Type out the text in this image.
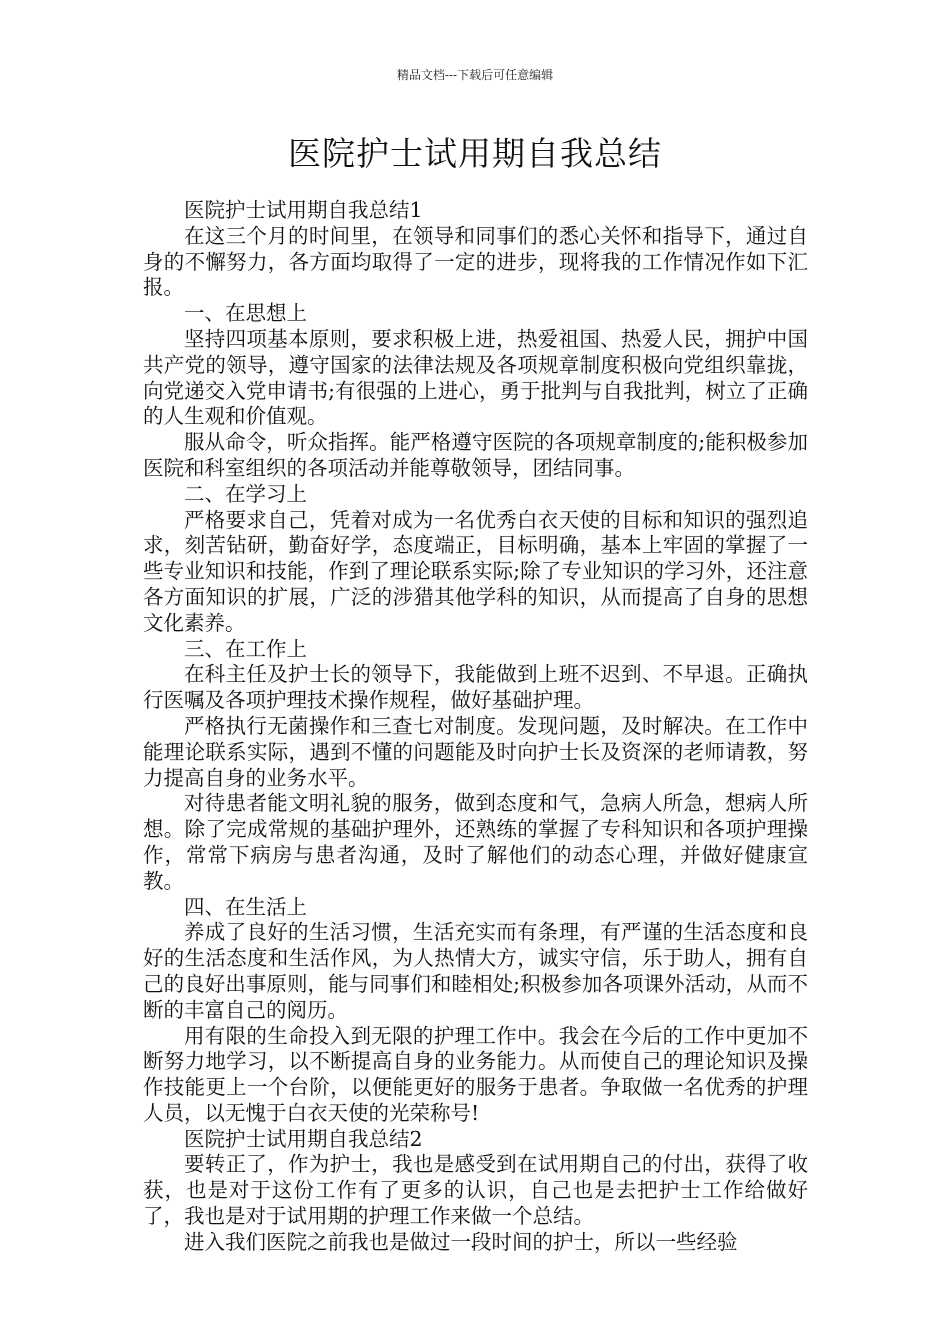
精品文档---下载后可任意编辑
医院护士试用期自我总结

医院护士试用期自我总结1

在这三个月的时间里，在领导和同事们的悉心关怀和指导下，通过自身的不懈努力，各方面均取得了一定的进步，现将我的工作情况作如下汇报。

一、在思想上

坚持四项基本原则，要求积极上进，热爱祖国、热爱人民，拥护中国共产党的领导，遵守国家的法律法规及各项规章制度积极向党组织靠拢，向党递交入党申请书;有很强的上进心，勇于批判与自我批判，树立了正确的人生观和价值观。

服从命令，听众指挥。能严格遵守医院的各项规章制度的;能积极参加医院和科室组织的各项活动并能尊敬领导，团结同事。

二、在学习上

严格要求自己，凭着对成为一名优秀白衣天使的目标和知识的强烈追求，刻苦钻研，勤奋好学，态度端正，目标明确，基本上牢固的掌握了一些专业知识和技能，作到了理论联系实际;除了专业知识的学习外，还注意各方面知识的扩展，广泛的涉猎其他学科的知识，从而提高了自身的思想文化素养。

三、在工作上

在科主任及护士长的领导下，我能做到上班不迟到、不早退。正确执行医嘱及各项护理技术操作规程，做好基础护理。

严格执行无菌操作和三查七对制度。发现问题，及时解决。在工作中能理论联系实际，遇到不懂的问题能及时向护士长及资深的老师请教，努力提高自身的业务水平。

对待患者能文明礼貌的服务，做到态度和气，急病人所急，想病人所想。除了完成常规的基础护理外，还熟练的掌握了专科知识和各项护理操作，常常下病房与患者沟通，及时了解他们的动态心理，并做好健康宣教。

四、在生活上

养成了良好的生活习惯，生活充实而有条理，有严谨的生活态度和良好的生活态度和生活作风，为人热情大方，诚实守信，乐于助人，拥有自己的良好出事原则，能与同事们和睦相处;积极参加各项课外活动，从而不断的丰富自己的阅历。

用有限的生命投入到无限的护理工作中。我会在今后的工作中更加不断努力地学习，以不断提高自身的业务能力。从而使自己的理论知识及操作技能更上一个台阶，以便能更好的服务于患者。争取做一名优秀的护理人员，以无愧于白衣天使的光荣称号!

医院护士试用期自我总结2

要转正了，作为护士，我也是感受到在试用期自己的付出，获得了收获，也是对于这份工作有了更多的认识，自己也是去把护士工作给做好了，我也是对于试用期的护理工作来做一个总结。

进入我们医院之前我也是做过一段时间的护士，所以一些经验
